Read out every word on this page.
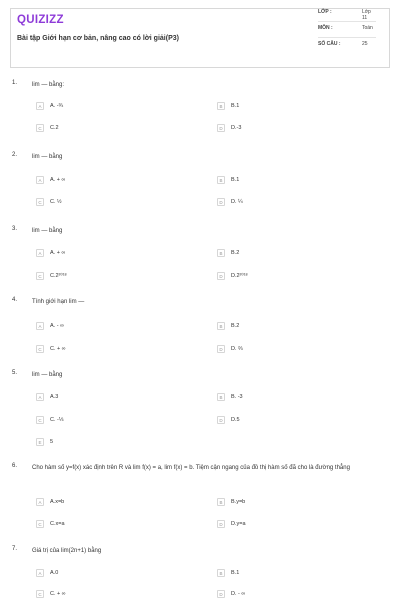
QUIZIZZ
Bài tập Giới hạn cơ bản, nâng cao có lời giải(P3)
LỚP :	Lớp 11
MÔN :	Toán
SỐ CÂU :	25
1.	lim — bằng:
A	A. -¾	B	B.1
C	C.2	D	D.-3
2.	lim — bằng
A	A. + ∞	B	B.1
C	C. ½	D	D. ¼
3.	lim — bằng
A	A. + ∞	B	B.2
C	C.2²⁰¹⁸	D	D.2²⁰¹⁸
4.	Tính giới hạn lim —
A	A. - ∞	B	B.2
C	C. + ∞	D	D. ⅔
5.	lim — bằng
A	A.3	B	B. -3
C	C. -⅓	D	D.5
E	5
6.	Cho hàm số y=f(x) xác định trên R và lim f(x) = a, lim f(x) = b. Tiệm cận ngang của đồ thị hàm số đã cho là đường thẳng
A	A.x=b	B	B.y=b
C	C.x=a	D	D.y=a
7.	Giá trị của lim(2n+1) bằng
A	A.0	B	B.1
C	C. + ∞	D	D. - ∞
